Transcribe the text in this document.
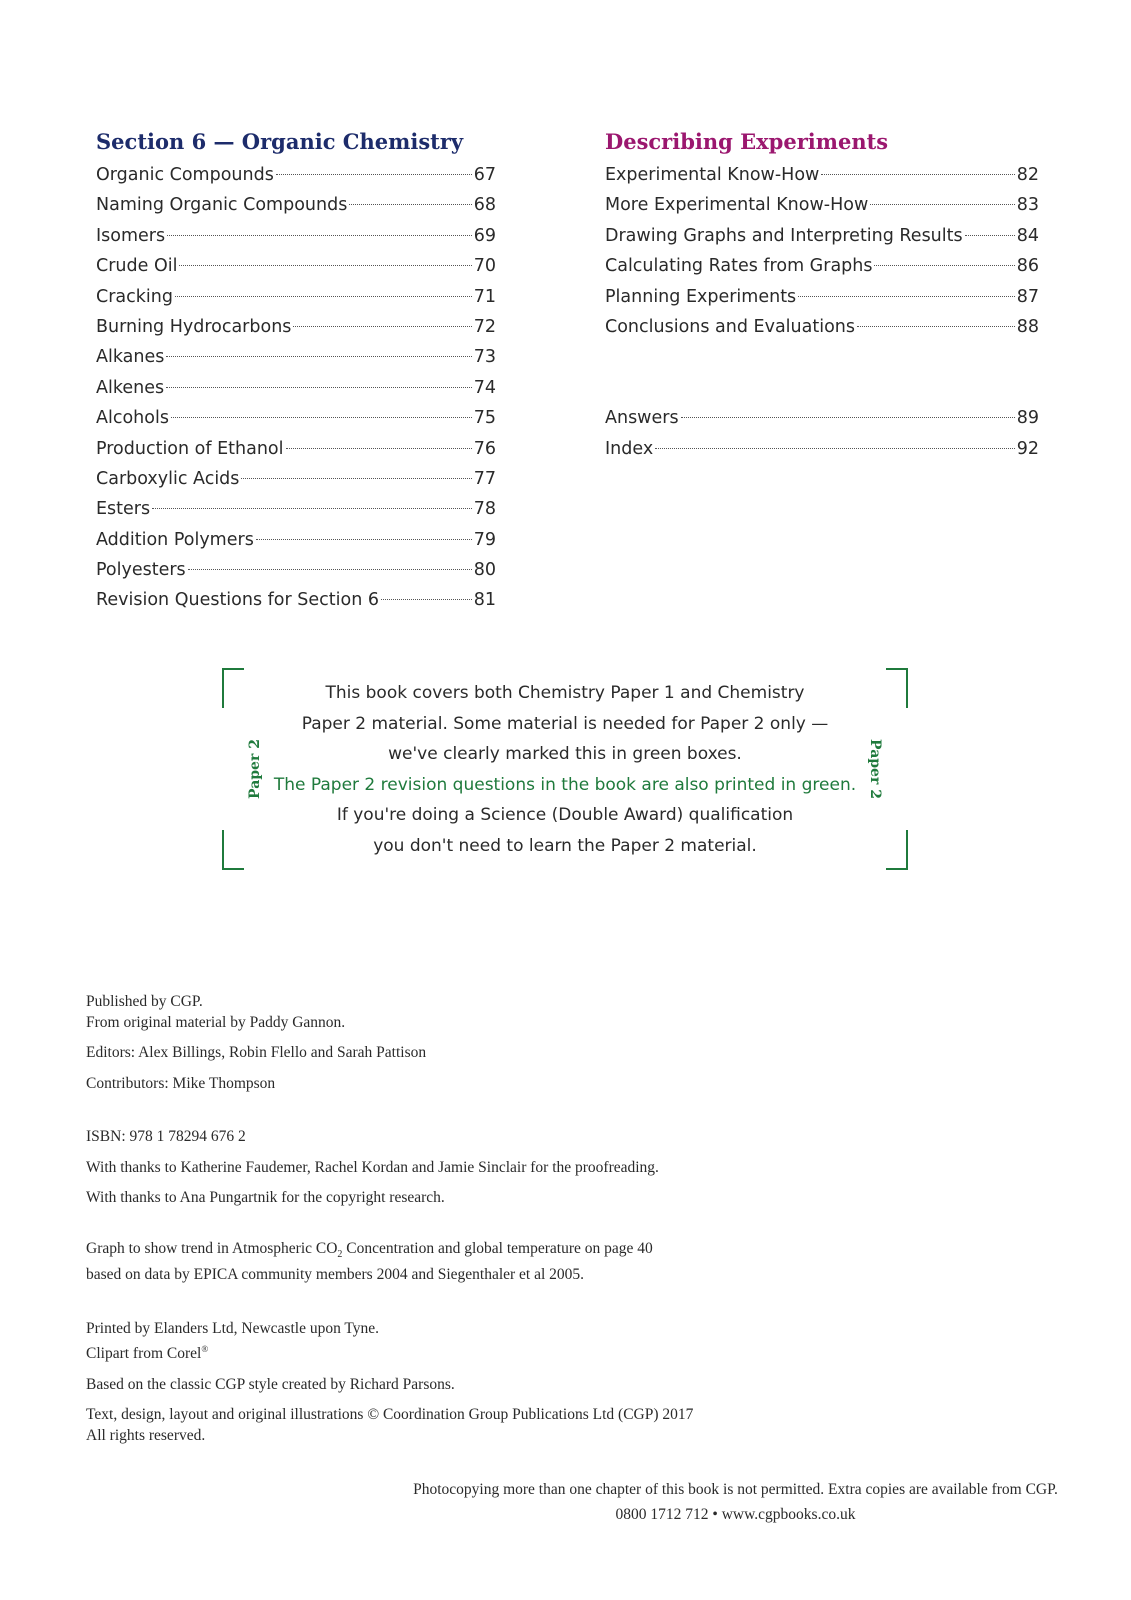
Section 6 — Organic Chemistry
Organic Compounds	67
Naming Organic Compounds	68
Isomers	69
Crude Oil	70
Cracking	71
Burning Hydrocarbons	72
Alkanes	73
Alkenes	74
Alcohols	75
Production of Ethanol	76
Carboxylic Acids	77
Esters	78
Addition Polymers	79
Polyesters	80
Revision Questions for Section 6	81
Describing Experiments
Experimental Know-How	82
More Experimental Know-How	83
Drawing Graphs and Interpreting Results	84
Calculating Rates from Graphs	86
Planning Experiments	87
Conclusions and Evaluations	88
Answers	89
Index	92
Paper 2	Paper 2
This book covers both Chemistry Paper 1 and Chemistry
Paper 2 material. Some material is needed for Paper 2 only —
we've clearly marked this in green boxes.
The Paper 2 revision questions in the book are also printed in green.
If you're doing a Science (Double Award) qualification
you don't need to learn the Paper 2 material.

Published by CGP.

From original material by Paddy Gannon.

Editors: Alex Billings, Robin Flello and Sarah Pattison

Contributors: Mike Thompson

ISBN: 978 1 78294 676 2

With thanks to Katherine Faudemer, Rachel Kordan and Jamie Sinclair for the proofreading.

With thanks to Ana Pungartnik for the copyright research.

Graph to show trend in Atmospheric $CO_2$ Concentration and global temperature on page 40

based on data by EPICA community members 2004 and Siegenthaler et al 2005.

Printed by Elanders Ltd, Newcastle upon Tyne.

Clipart from Corel®

Based on the classic CGP style created by Richard Parsons.

Text, design, layout and original illustrations © Coordination Group Publications Ltd (CGP) 2017

All rights reserved.

Photocopying more than one chapter of this book is not permitted. Extra copies are available from CGP.
0800 1712 712 • www.cgpbooks.co.uk
